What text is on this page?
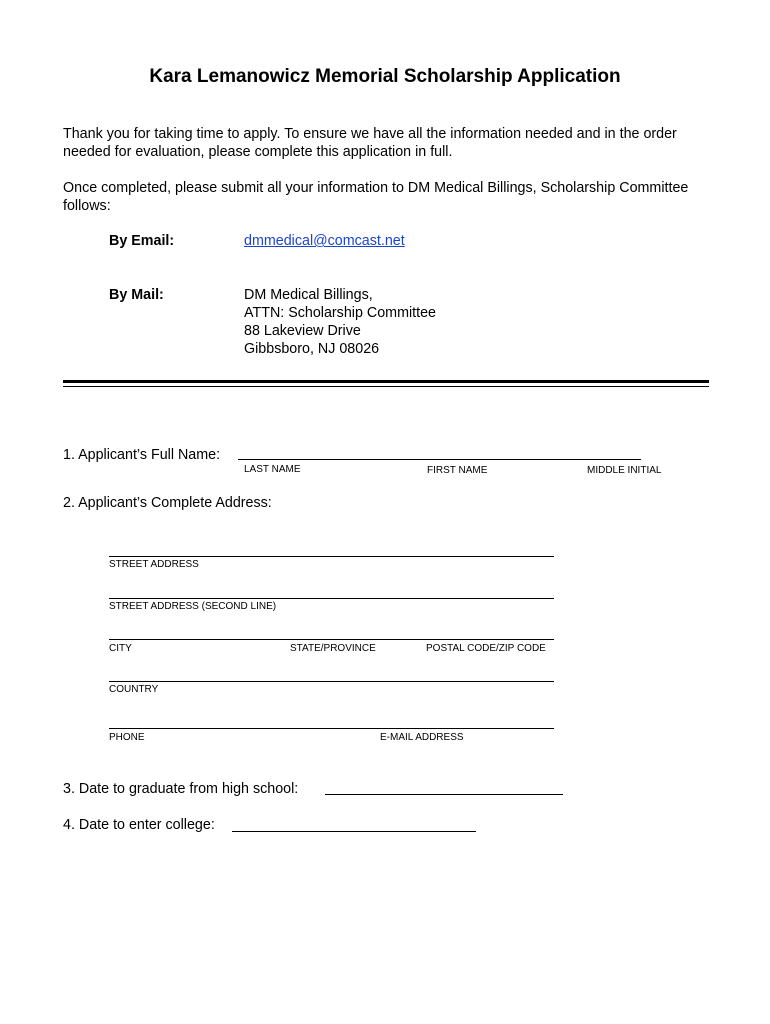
Kara Lemanowicz Memorial Scholarship Application
Thank you for taking time to apply. To ensure we have all the information needed and in the order needed for evaluation, please complete this application in full.
Once completed, please submit all your information to DM Medical Billings, Scholarship Committee follows:
By Email:	dmmedical@comcast.net
By Mail:	DM Medical Billings,
ATTN: Scholarship Committee
88 Lakeview Drive
Gibbsboro, NJ 08026
1. Applicant’s Full Name:
LAST NAME	FIRST NAME	MIDDLE INITIAL
2. Applicant’s Complete Address:
STREET ADDRESS
STREET ADDRESS (SECOND LINE)
CITY	STATE/PROVINCE	POSTAL CODE/ZIP CODE
COUNTRY
PHONE	E-MAIL ADDRESS
3. Date to graduate from high school:
4. Date to enter college:
